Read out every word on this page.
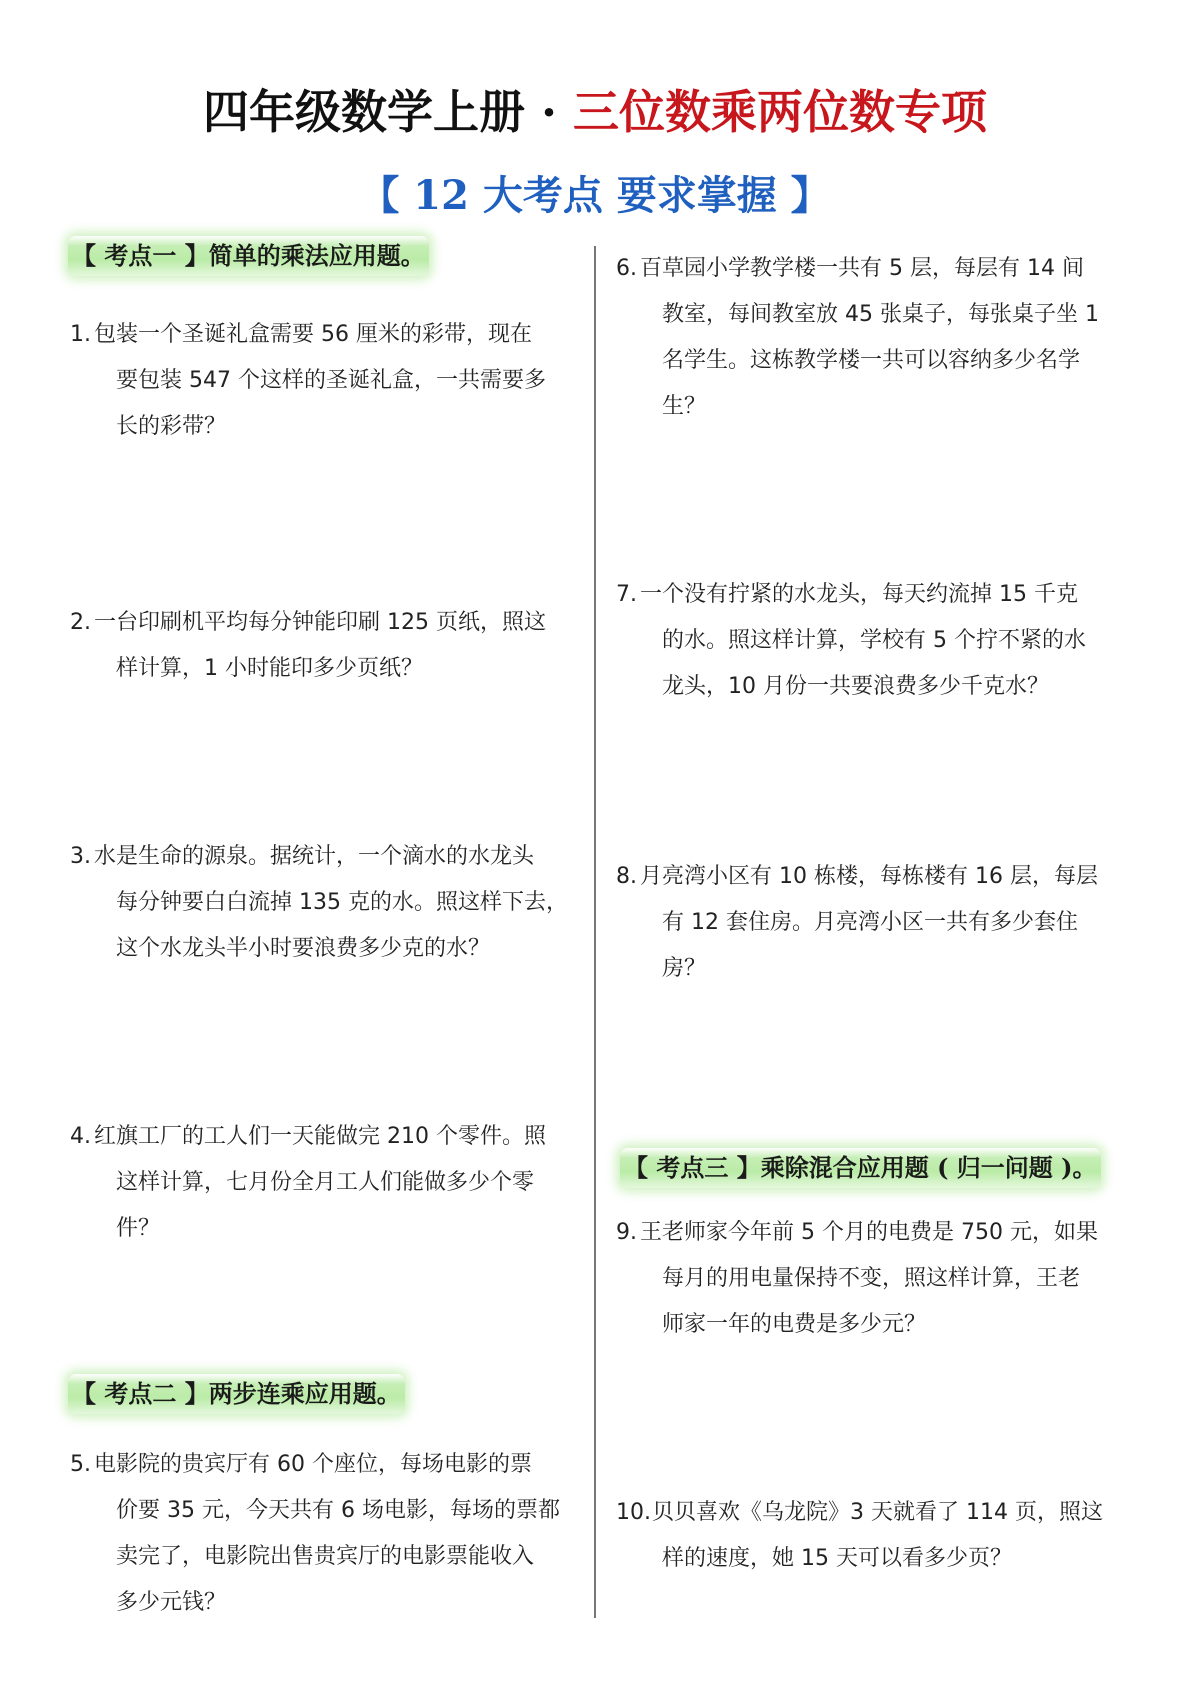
四年级数学上册 · 三位数乘两位数专项
【 12 大考点 要求掌握 】
【 考点一 】简单的乘法应用题。
1. 包装一个圣诞礼盒需要 56 厘米的彩带，现在
要包装 547 个这样的圣诞礼盒，一共需要多
长的彩带？
2. 一台印刷机平均每分钟能印刷 125 页纸，照这
样计算，1 小时能印多少页纸？
3. 水是生命的源泉。据统计，一个滴水的水龙头
每分钟要白白流掉 135 克的水。照这样下去，
这个水龙头半小时要浪费多少克的水？
4. 红旗工厂的工人们一天能做完 210 个零件。照
这样计算，七月份全月工人们能做多少个零
件？
【 考点二 】两步连乘应用题。
5. 电影院的贵宾厅有 60 个座位，每场电影的票
价要 35 元，今天共有 6 场电影，每场的票都
卖完了，电影院出售贵宾厅的电影票能收入
多少元钱？
6. 百草园小学教学楼一共有 5 层，每层有 14 间
教室，每间教室放 45 张桌子，每张桌子坐 1
名学生。这栋教学楼一共可以容纳多少名学
生？
7. 一个没有拧紧的水龙头，每天约流掉 15 千克
的水。照这样计算，学校有 5 个拧不紧的水
龙头，10 月份一共要浪费多少千克水？
8. 月亮湾小区有 10 栋楼，每栋楼有 16 层，每层
有 12 套住房。月亮湾小区一共有多少套住
房？
【 考点三 】乘除混合应用题 ( 归一问题 )。
9. 王老师家今年前 5 个月的电费是 750 元，如果
每月的用电量保持不变，照这样计算，王老
师家一年的电费是多少元？
10. 贝贝喜欢《乌龙院》3 天就看了 114 页，照这
样的速度，她 15 天可以看多少页？
